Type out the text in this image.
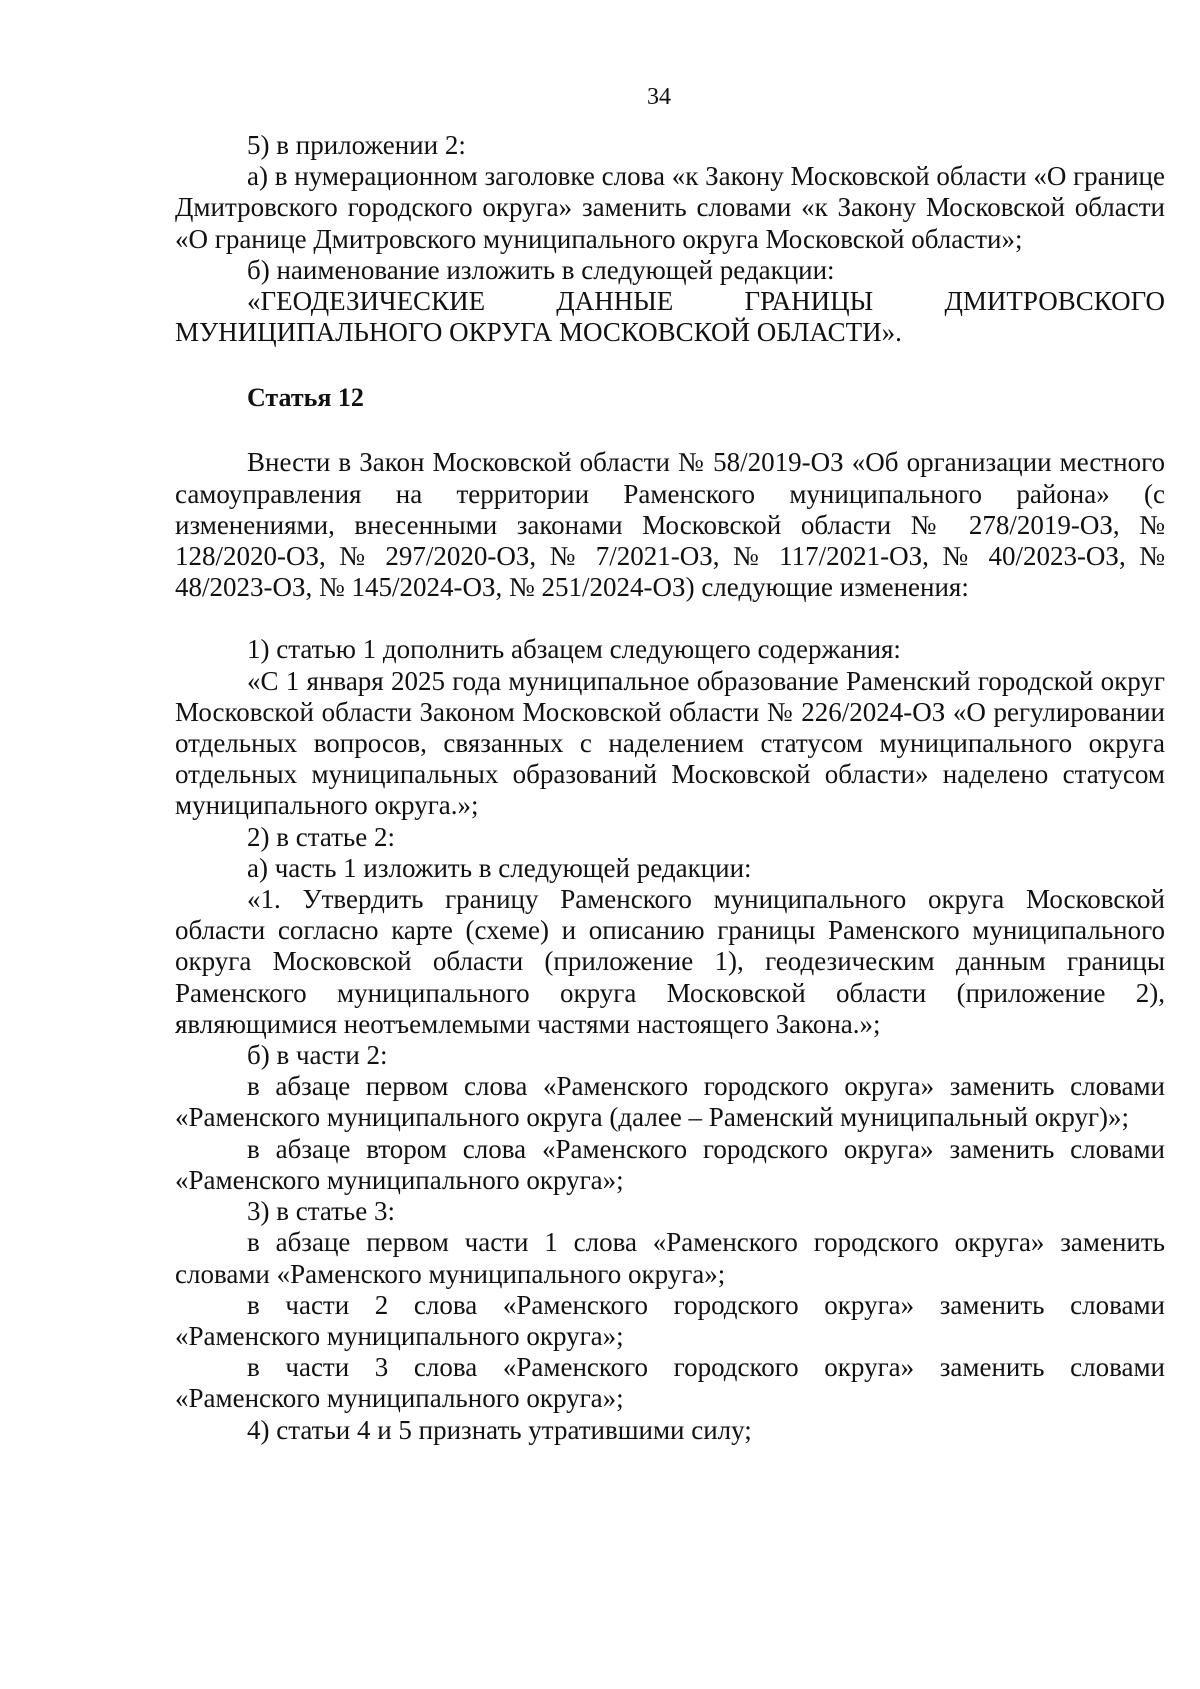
34

5) в приложении 2:

а) в нумерационном заголовке слова «к Закону Московской области «О границе Дмитровского городского округа» заменить словами «к Закону Московской области «О границе Дмитровского муниципального округа Московской области»;

б) наименование изложить в следующей редакции:

«ГЕОДЕЗИЧЕСКИЕ ДАННЫЕ ГРАНИЦЫ ДМИТРОВСКОГО

МУНИЦИПАЛЬНОГО ОКРУГА МОСКОВСКОЙ ОБЛАСТИ».

Статья 12

Внести в Закон Московской области № 58/2019-ОЗ «Об организации местного самоуправления на территории Раменского муниципального района» (с изменениями, внесенными законами Московской области № 278/2019-ОЗ, № 128/2020-ОЗ, № 297/2020-ОЗ, № 7/2021-ОЗ, № 117/2021-ОЗ, № 40/2023-ОЗ, № 48/2023-ОЗ, № 145/2024-ОЗ, № 251/2024-ОЗ) следующие изменения:

1) статью 1 дополнить абзацем следующего содержания:

«С 1 января 2025 года муниципальное образование Раменский городской округ Московской области Законом Московской области № 226/2024-ОЗ «О регулировании отдельных вопросов, связанных с наделением статусом муниципального округа отдельных муниципальных образований Московской области» наделено статусом муниципального округа.»;

2) в статье 2:

а) часть 1 изложить в следующей редакции:

«1. Утвердить границу Раменского муниципального округа Московской области согласно карте (схеме) и описанию границы Раменского муниципального округа Московской области (приложение 1), геодезическим данным границы Раменского муниципального округа Московской области (приложение 2), являющимися неотъемлемыми частями настоящего Закона.»;

б) в части 2:

в абзаце первом слова «Раменского городского округа» заменить словами «Раменского муниципального округа (далее – Раменский муниципальный округ)»;

в абзаце втором слова «Раменского городского округа» заменить словами «Раменского муниципального округа»;

3) в статье 3:

в абзаце первом части 1 слова «Раменского городского округа» заменить словами «Раменского муниципального округа»;

в части 2 слова «Раменского городского округа» заменить словами «Раменского муниципального округа»;

в части 3 слова «Раменского городского округа» заменить словами «Раменского муниципального округа»;

4) статьи 4 и 5 признать утратившими силу;
